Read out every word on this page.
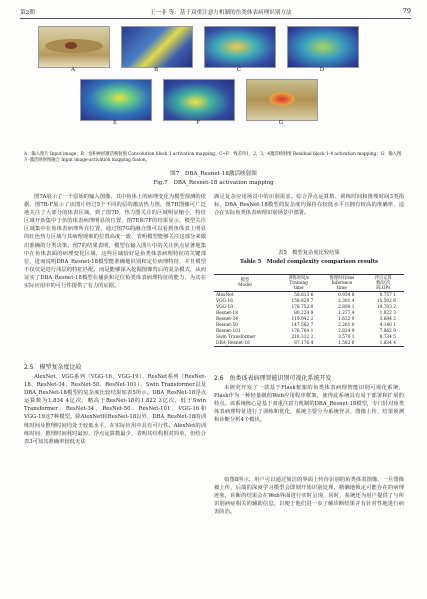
第2期	王一非 等：基于双重注意力机制的鱼类体表病理识别方法	79
A	B	C	D
E	F	G
A：输入图片 Input image；B：卷积神经激活映射图 Convolution block 1 activation mapping；C~F：残差块1，2，3，4激活映射图 Residual block 1-4 activation mapping；G：输入图片-激活映射图融合 Input image-activation mapping fusion。
图7　DBA_Resnet-18激活映射图
Fig.7　DBA_Resnet-18 activation mapping

图7A展示了一个原始的输入图像，其中鱼体上的病理变化为模型预测的依据。图7B-F展示了该图片经过5个不同的层的激活热力图，图7H图像可广泛地关注了大部分的体表区域，到了图7D，热力图关注的区域明显缩小，特征区域开始集中于鱼的体表病理明显的位置，图7E和7F的结果显示，模型关注区域集中在鱼体表病理所在位置，通过图7G的融合图可以看到鱼体表上明显的红色热力区域与其病理现象的位置高度一致，表明模型能够关注这部分来做出准确的分类决策。图7的结果表明，模型在输入图片中的关注焦点显著地集中在鱼体表面的病理变化区域，这些区域恰好是鱼类体表病理特征的关键部位，进而说明DBA_Resnet-18模型能准确地识别和定位病理特征，并且模型不仅仅是进行浅层的特征匹配，而是能够深入挖掘图像背后的复杂模式，从而证实了DBA_Resnet-18模型在捕获和定位鱼类体表病理特征的能力，为其在实际应用中的可行性提供了有力的证据。

2.5　模型复杂度比较

AlexNet、VGG系列（VGG-16、VGG-19）、ResNet系列（ResNet-18、ResNet-34、ResNet-50、ResNet-101）、Swin Transformer以及DBA_ResNet-18模型的复杂度比较结果如表5所示。DBA_ResNet-18浮点运算数为1.834 4亿次，略高于ResNet-18的1.822 3亿次，低于Swin Transformer、ResNet-34、ResNet-50、ResNet-101、VGG-16和VGG-19这7种模型。除AlexNet和ResNet-18以外，DBA_ResNet-18的训练时间及推理时间均处于较低水平，在实际应用中具有可行性。AlexNet的训练时间、推理时间耗时最短，浮点运算数最少，表明其结构相对简单，但结合表3可知其准确率较低无法

满足复杂应用场景中的识别需求。综合浮点运算数、训练时间和推理时间3类指标，DBA_ResNet-18模型的复杂度均保持在较低水平且拥有较高的准确率，适合在实际鱼类体表病理识别场景中部署。

表5　模型复杂度比较结果
Table 5　Model complexity comparison results
模型
Model	训练时间/s
Training
time	推理时间/ms
Inference
time	浮点运算
数/亿次
FLOPs
AlexNet	58.813 6	0.934 8	0.757 1
VGG-16	158.829 7	2.301 4	15.502 6
VGG-19	178.752 0	2.800 1	19.703 2
Resnet-18	80.224 9	1.277 4	1.822 3
Resnet-34	119.942 2	1.632 9	3.684 2
Resnet-50	147.562 7	2.261 0	4.140 1
Resnet-101	176.764 1	2.824 9	7.862 9
Swin Transformer	218.312 2	3.570 1	8.734 5
DBA_Resnet-18	87.176 4	1.582 6	1.834 4
2.6　鱼类体表病理智能识别可视化系统开发

本研究开发了一款基于Flask框架的鱼类体表病理智能识别可视化系统，Flask作为一种轻量级的Web应用程序框架，使得此系统具有易于部署和扩展的特点。该系统核心是基于双重注意力机制的DBA_Resnet-18模型，专门针对鱼类体表病理特征进行了训练和优化，系统主要分为系统登录、图像上传、结果预测和诊断分析4个模块。

如图8所示，用户可以通过简洁的界面上传待识别的鱼类体表图像，一旦图像被上传，后端的深度学习模型会即刻开始识别处理，精确地锁定可能存在的病理迹象，诊断的结果会在Web界面进行实时呈现，同时，系统还为用户提供了与所识别病症相关的辅助信息，以便于他们进一步了解诊断结果并有针对性地进行病害防治。
